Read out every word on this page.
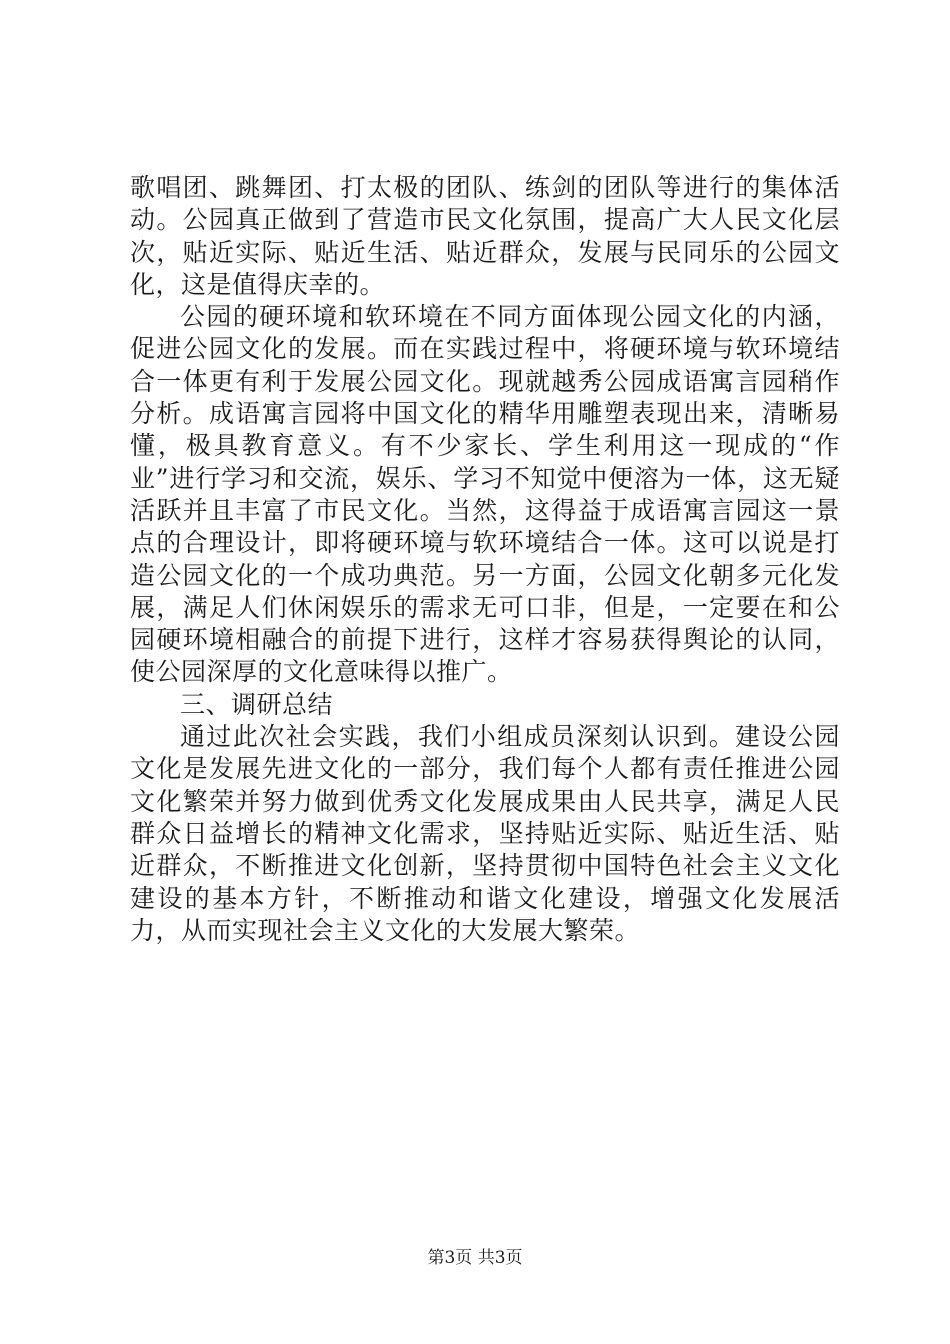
歌唱团、跳舞团、打太极的团队、练剑的团队等进行的集体活动。公园真正做到了营造市民文化氛围，提高广大人民文化层次，贴近实际、贴近生活、贴近群众，发展与民同乐的公园文化，这是值得庆幸的。

公园的硬环境和软环境在不同方面体现公园文化的内涵，促进公园文化的发展。而在实践过程中，将硬环境与软环境结合一体更有利于发展公园文化。现就越秀公园成语寓言园稍作分析。成语寓言园将中国文化的精华用雕塑表现出来，清晰易懂，极具教育意义。有不少家长、学生利用这一现成的“作业”进行学习和交流，娱乐、学习不知觉中便溶为一体，这无疑活跃并且丰富了市民文化。当然，这得益于成语寓言园这一景点的合理设计，即将硬环境与软环境结合一体。这可以说是打造公园文化的一个成功典范。另一方面，公园文化朝多元化发展，满足人们休闲娱乐的需求无可口非，但是，一定要在和公园硬环境相融合的前提下进行，这样才容易获得舆论的认同，使公园深厚的文化意味得以推广。

三、调研总结

通过此次社会实践，我们小组成员深刻认识到。建设公园文化是发展先进文化的一部分，我们每个人都有责任推进公园文化繁荣并努力做到优秀文化发展成果由人民共享，满足人民群众日益增长的精神文化需求，坚持贴近实际、贴近生活、贴近群众，不断推进文化创新，坚持贯彻中国特色社会主义文化建设的基本方针，不断推动和谐文化建设，增强文化发展活力，从而实现社会主义文化的大发展大繁荣。

第3页 共3页
